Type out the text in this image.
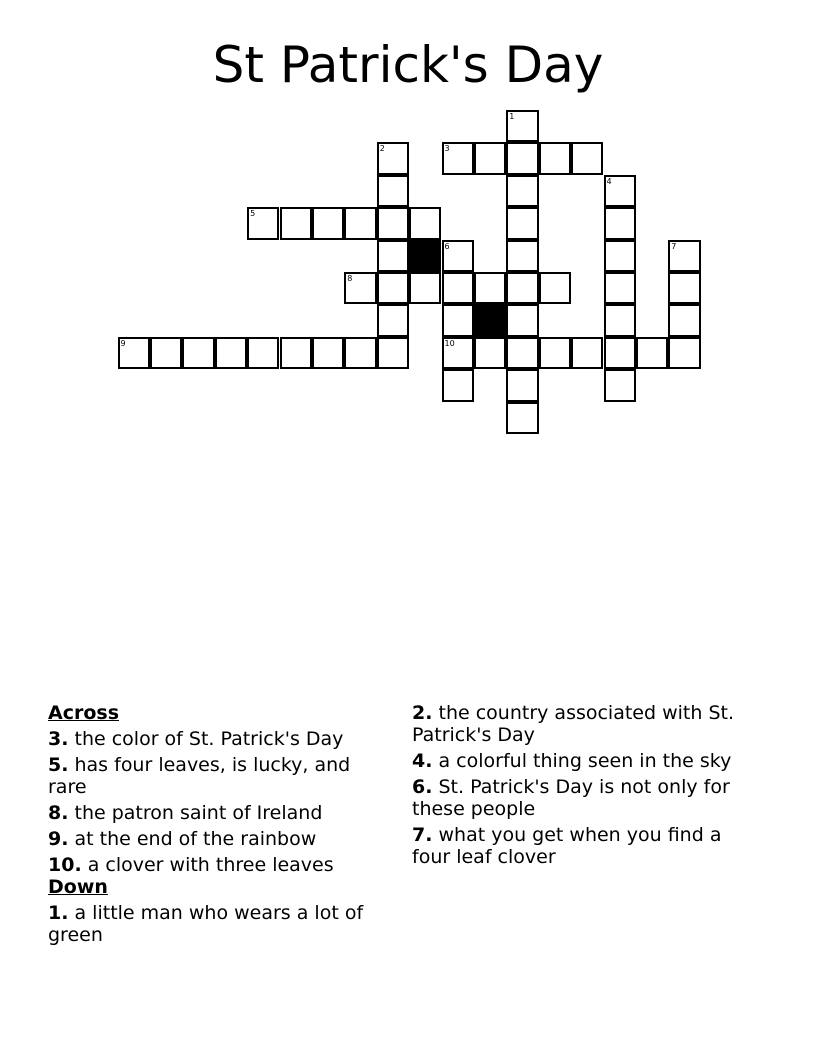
St Patrick's Day
1
2	3
4
5
6
10
7
8
9
Across
3. the color of St. Patrick's Day
5. has four leaves, is lucky, and rare
8. the patron saint of Ireland
9. at the end of the rainbow
10. a clover with three leaves
Down
1. a little man who wears a lot of green
2. the country associated with St. Patrick's Day
4. a colorful thing seen in the sky
6. St. Patrick's Day is not only for these people
7. what you get when you find a four leaf clover
